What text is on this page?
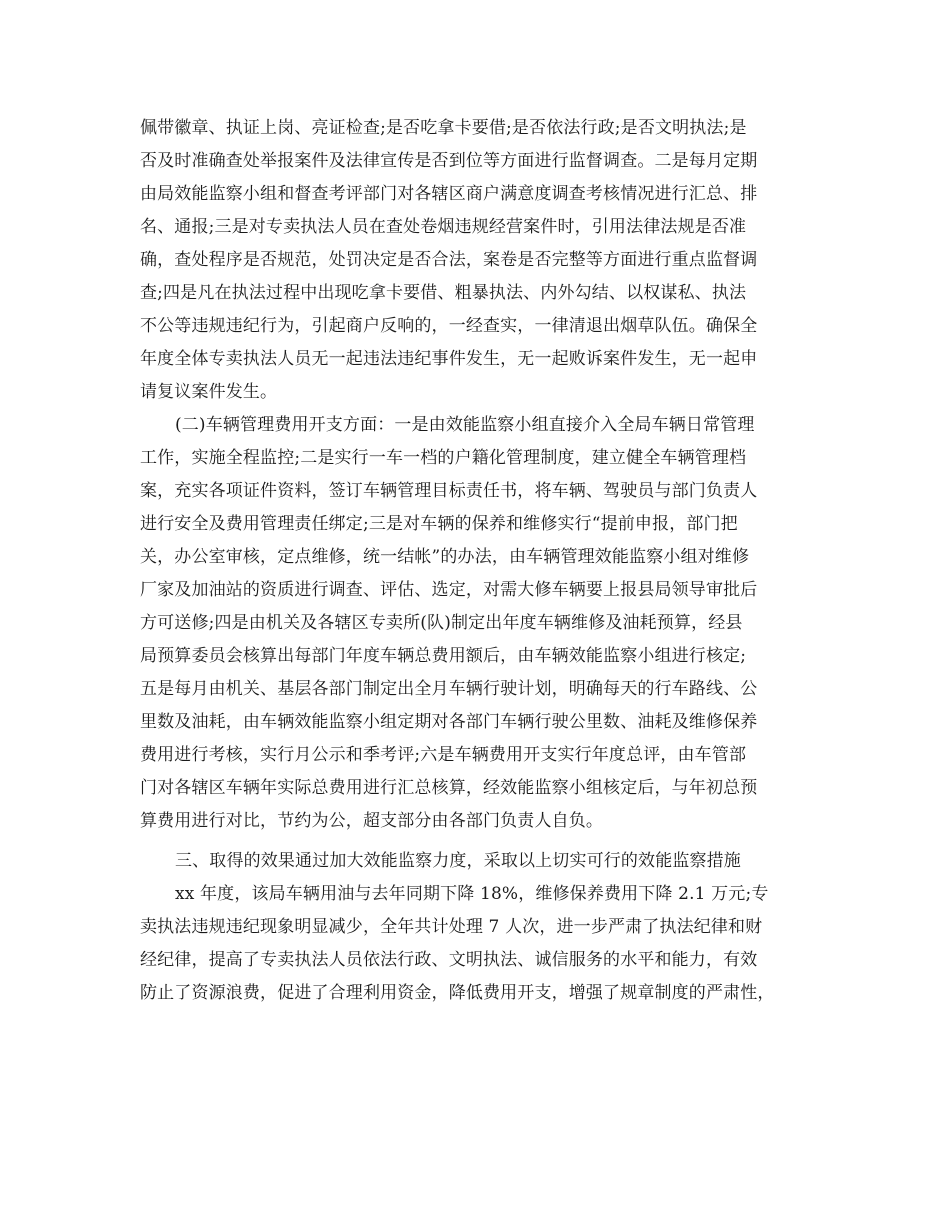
佩带徽章、执证上岗、亮证检查;是否吃拿卡要借;是否依法行政;是否文明执法;是

否及时准确查处举报案件及法律宣传是否到位等方面进行监督调查。二是每月定期

由局效能监察小组和督查考评部门对各辖区商户满意度调查考核情况进行汇总、排

名、通报;三是对专卖执法人员在查处卷烟违规经营案件时，引用法律法规是否准

确，查处程序是否规范，处罚决定是否合法，案卷是否完整等方面进行重点监督调

查;四是凡在执法过程中出现吃拿卡要借、粗暴执法、内外勾结、以权谋私、执法

不公等违规违纪行为，引起商户反响的，一经查实，一律清退出烟草队伍。确保全

年度全体专卖执法人员无一起违法违纪事件发生，无一起败诉案件发生，无一起申

请复议案件发生。

(二)车辆管理费用开支方面：一是由效能监察小组直接介入全局车辆日常管理

工作，实施全程监控;二是实行一车一档的户籍化管理制度，建立健全车辆管理档

案，充实各项证件资料，签订车辆管理目标责任书，将车辆、驾驶员与部门负责人

进行安全及费用管理责任绑定;三是对车辆的保养和维修实行“提前申报，部门把

关，办公室审核，定点维修，统一结帐”的办法，由车辆管理效能监察小组对维修

厂家及加油站的资质进行调查、评估、选定，对需大修车辆要上报县局领导审批后

方可送修;四是由机关及各辖区专卖所(队)制定出年度车辆维修及油耗预算，经县

局预算委员会核算出每部门年度车辆总费用额后，由车辆效能监察小组进行核定;

五是每月由机关、基层各部门制定出全月车辆行驶计划，明确每天的行车路线、公

里数及油耗，由车辆效能监察小组定期对各部门车辆行驶公里数、油耗及维修保养

费用进行考核，实行月公示和季考评;六是车辆费用开支实行年度总评，由车管部

门对各辖区车辆年实际总费用进行汇总核算，经效能监察小组核定后，与年初总预

算费用进行对比，节约为公，超支部分由各部门负责人自负。

三、取得的效果通过加大效能监察力度，采取以上切实可行的效能监察措施

xx 年度，该局车辆用油与去年同期下降 18%，维修保养费用下降 2.1 万元;专

卖执法违规违纪现象明显减少，全年共计处理 7 人次，进一步严肃了执法纪律和财

经纪律，提高了专卖执法人员依法行政、文明执法、诚信服务的水平和能力，有效

防止了资源浪费，促进了合理利用资金，降低费用开支，增强了规章制度的严肃性，
